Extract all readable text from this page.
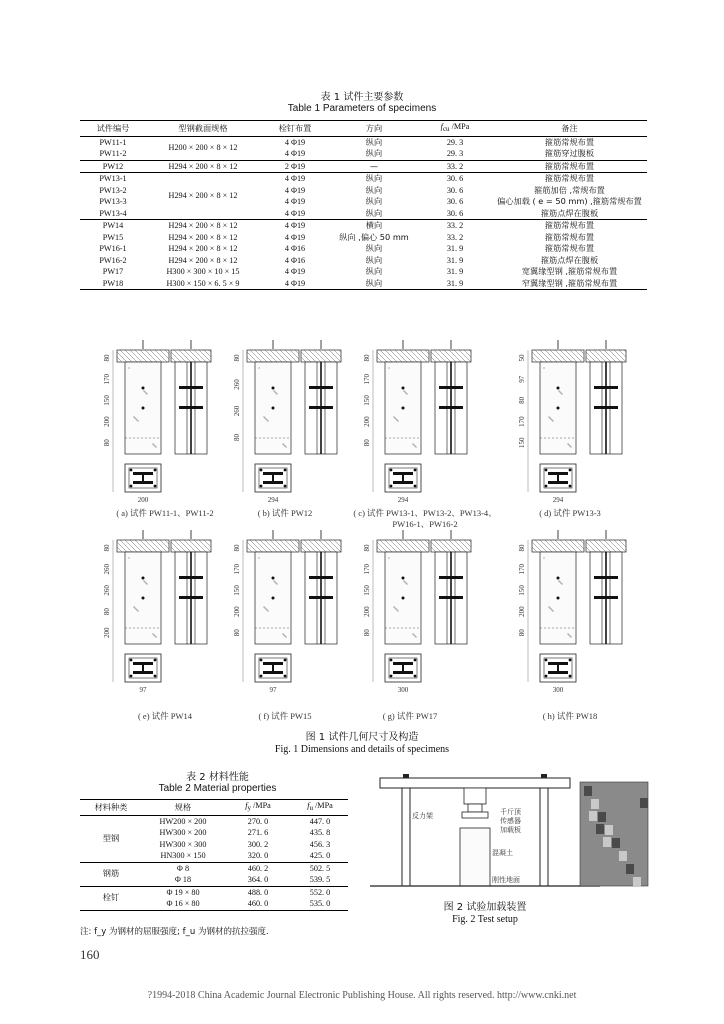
表 1 试件主要参数
Table 1 Parameters of specimens
试件编号	型钢截面规格	栓钉布置	方向	fcu /MPa	备注
PW11-1	H200 × 200 × 8 × 12	4 Φ19	纵向	29. 3	箍筋常规布置
PW11-2		4 Φ19	纵向	29. 3	箍筋穿过腹板
PW12	H294 × 200 × 8 × 12	2 Φ19	—	33. 2	箍筋常规布置
PW13-1	H294 × 200 × 8 × 12	4 Φ19	纵向	30. 6	箍筋常规布置
PW13-2		4 Φ19	纵向	30. 6	箍筋加倍 ,常规布置
PW13-3		4 Φ19	纵向	30. 6	偏心加载 ( e = 50 mm) ,箍筋常规布置
PW13-4		4 Φ19	纵向	30. 6	箍筋点焊在腹板
PW14	H294 × 200 × 8 × 12	4 Φ19	横向	33. 2	箍筋常规布置
PW15	H294 × 200 × 8 × 12	4 Φ19	纵向 ,偏心 50 mm	33. 2	箍筋常规布置
PW16-1	H294 × 200 × 8 × 12	4 Φ16	纵向	31. 9	箍筋常规布置
PW16-2	H294 × 200 × 8 × 12	4 Φ16	纵向	31. 9	箍筋点焊在腹板
PW17	H300 × 300 × 10 × 15	4 Φ19	纵向	31. 9	宽翼缘型钢 ,箍筋常规布置
PW18	H300 × 150 × 6. 5 × 9	4 Φ19	纵向	31. 9	窄翼缘型钢 ,箍筋常规布置
80
170
150
200
80
200
80
260
260
80
294
80
170
150
200
80
294
50
97
80
170
150
294
80
260
260
80
200
97
80
170
150
200
80
97
80
170
150
200
80
300
80
170
150
200
80
300
图 1 试件几何尺寸及构造
Fig. 1 Dimensions and details of specimens
( a) 试件 PW11-1、PW11-2	( b) 试件 PW12	( c) 试件 PW13-1、PW13-2、PW13-4、
PW16-1、PW16-2
( d) 试件 PW13-3
( e) 试件 PW14	( f) 试件 PW15	( g) 试件 PW17	( h) 试件 PW18
表 2 材料性能
Table 2 Material properties
材料种类	规格	fy /MPa	fu /MPa
型钢	HW200 × 200	270. 0	447. 0
	HW300 × 200	271. 6	435. 8
	HW300 × 300	300. 2	456. 3
	HN300 × 150	320. 0	425. 0
钢筋	Φ 8	460. 2	502. 5
	Φ 18	364. 0	539. 5
栓钉	Φ 19 × 80	488. 0	552. 0
	Φ 16 × 80	460. 0	535. 0
注: f_y 为钢材的屈服强度; f_u 为钢材的抗拉强度.
反力架	千斤顶
传感器
加载板
混凝土
刚性地面
图 2 试验加载装置
Fig. 2 Test setup
160
?1994-2018 China Academic Journal Electronic Publishing House. All rights reserved. http://www.cnki.net
